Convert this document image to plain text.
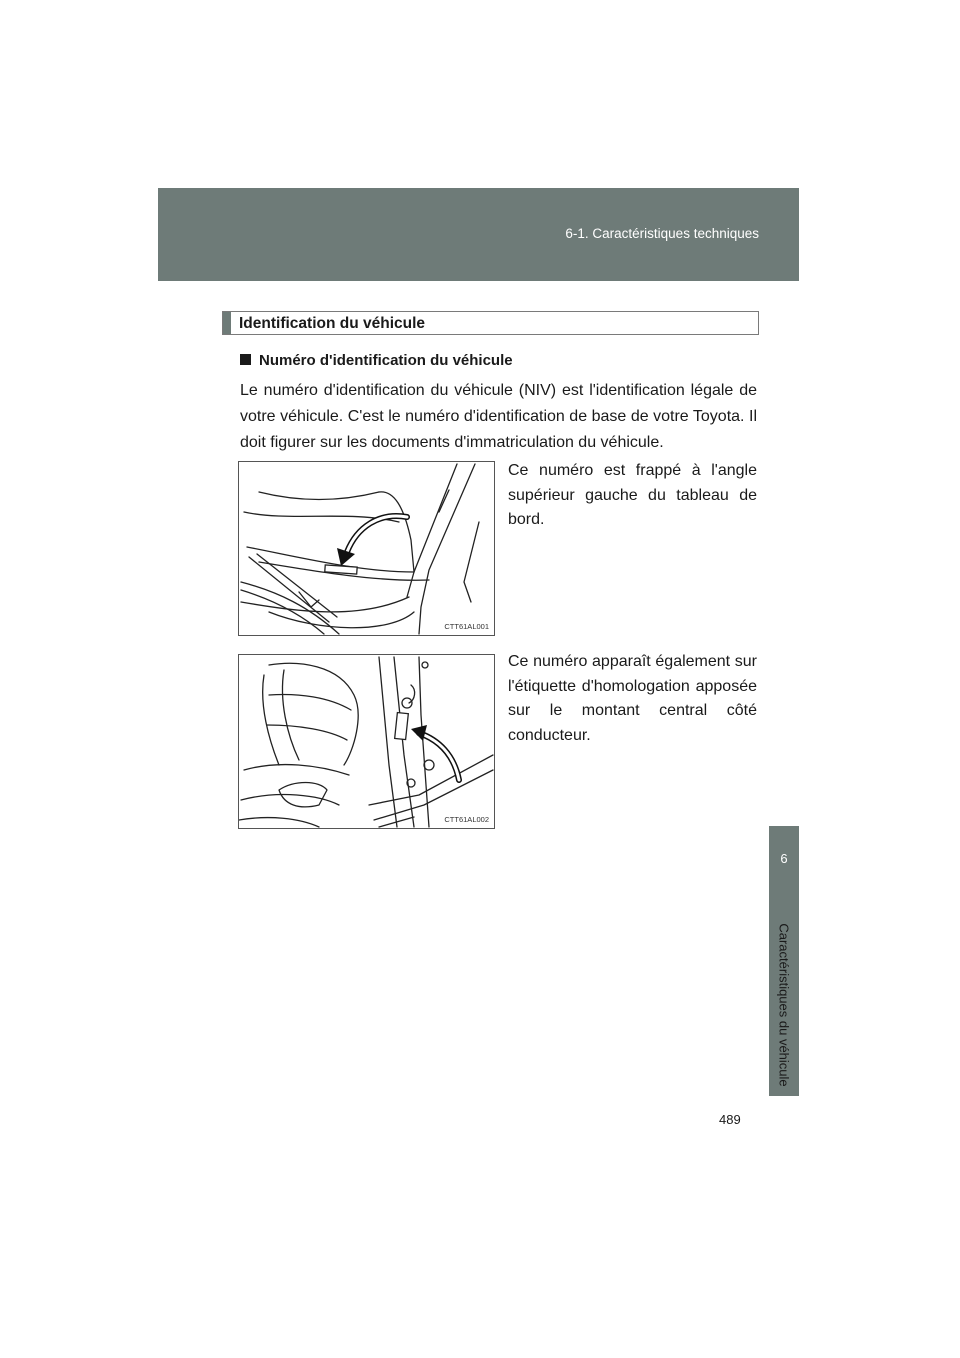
6-1. Caractéristiques techniques
6
Caractéristiques du véhicule
Identification du véhicule
Numéro d'identification du véhicule
Le numéro d'identification du véhicule (NIV) est l'identification légale de votre véhicule. C'est le numéro d'identification de base de votre Toyota. Il doit figurer sur les documents d'immatriculation du véhicule.
CTT61AL001
Ce numéro est frappé à l'angle supérieur gauche du tableau de bord.
CTT61AL002
Ce numéro apparaît également sur l'étiquette d'homologation apposée sur le montant central côté conducteur.
489
